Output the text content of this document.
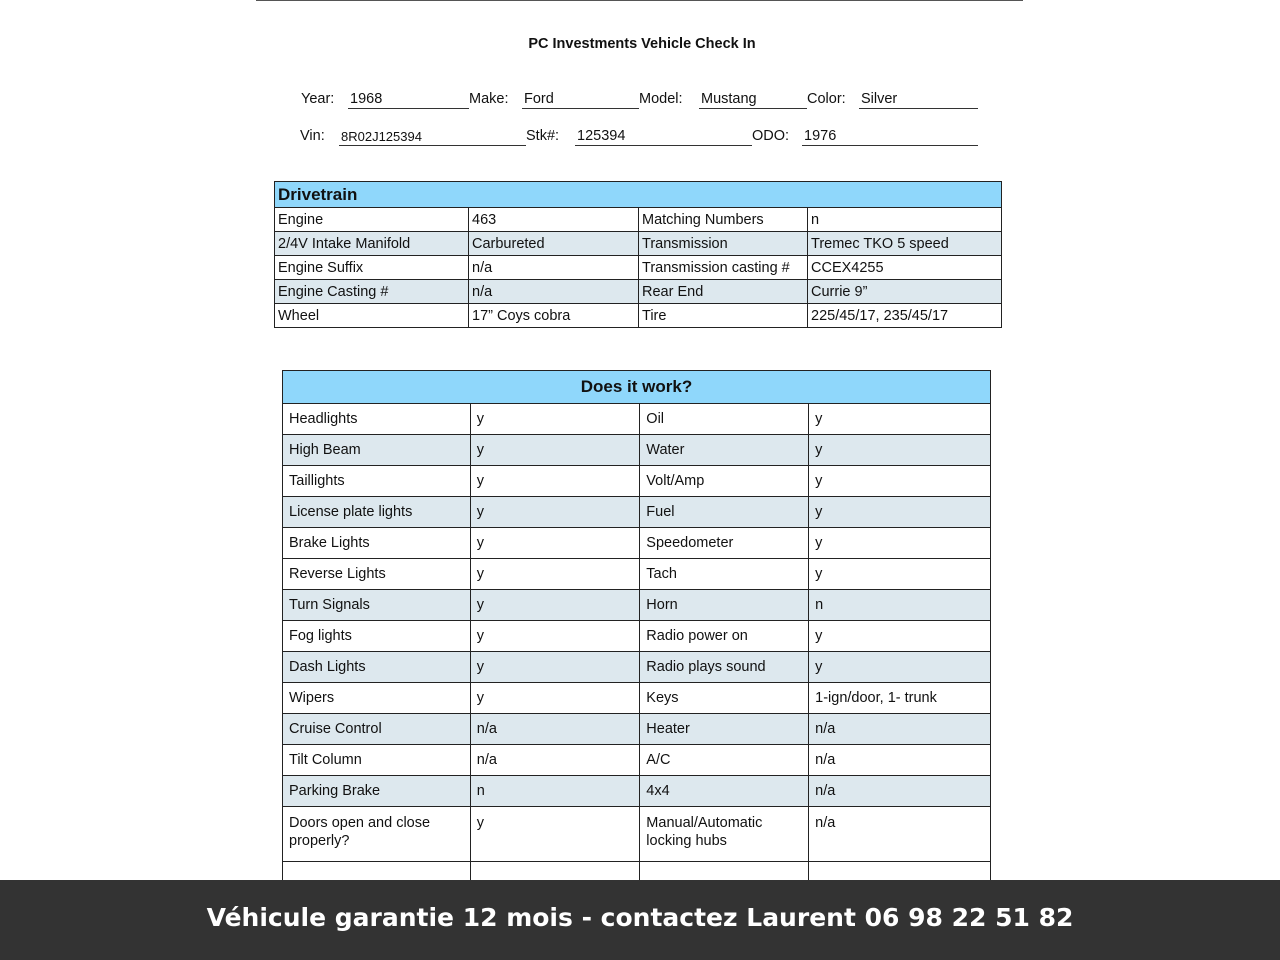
PC Investments Vehicle Check In
Year: 1968	Make: Ford	Model: Mustang	Color: Silver
Vin: 8R02J125394	Stk#: 125394	ODO: 1976
Drivetrain			
Engine	463	Matching Numbers	n
2/4V Intake Manifold	Carbureted	Transmission	Tremec TKO 5 speed
Engine Suffix	n/a	Transmission casting #	CCEX4255
Engine Casting #	n/a	Rear End	Currie 9”
Wheel	17” Coys cobra	Tire	225/45/17, 235/45/17
Does it work?			
Headlights	y	Oil	y
High Beam	y	Water	y
Taillights	y	Volt/Amp	y
License plate lights	y	Fuel	y
Brake Lights	y	Speedometer	y
Reverse Lights	y	Tach	y
Turn Signals	y	Horn	n
Fog lights	y	Radio power on	y
Dash Lights	y	Radio plays sound	y
Wipers	y	Keys	1-ign/door, 1- trunk
Cruise Control	n/a	Heater	n/a
Tilt Column	n/a	A/C	n/a
Parking Brake	n	4x4	n/a
Doors open and close properly?	y	Manual/Automatic locking hubs	n/a

Véhicule garantie 12 mois - contactez Laurent 06 98 22 51 82
